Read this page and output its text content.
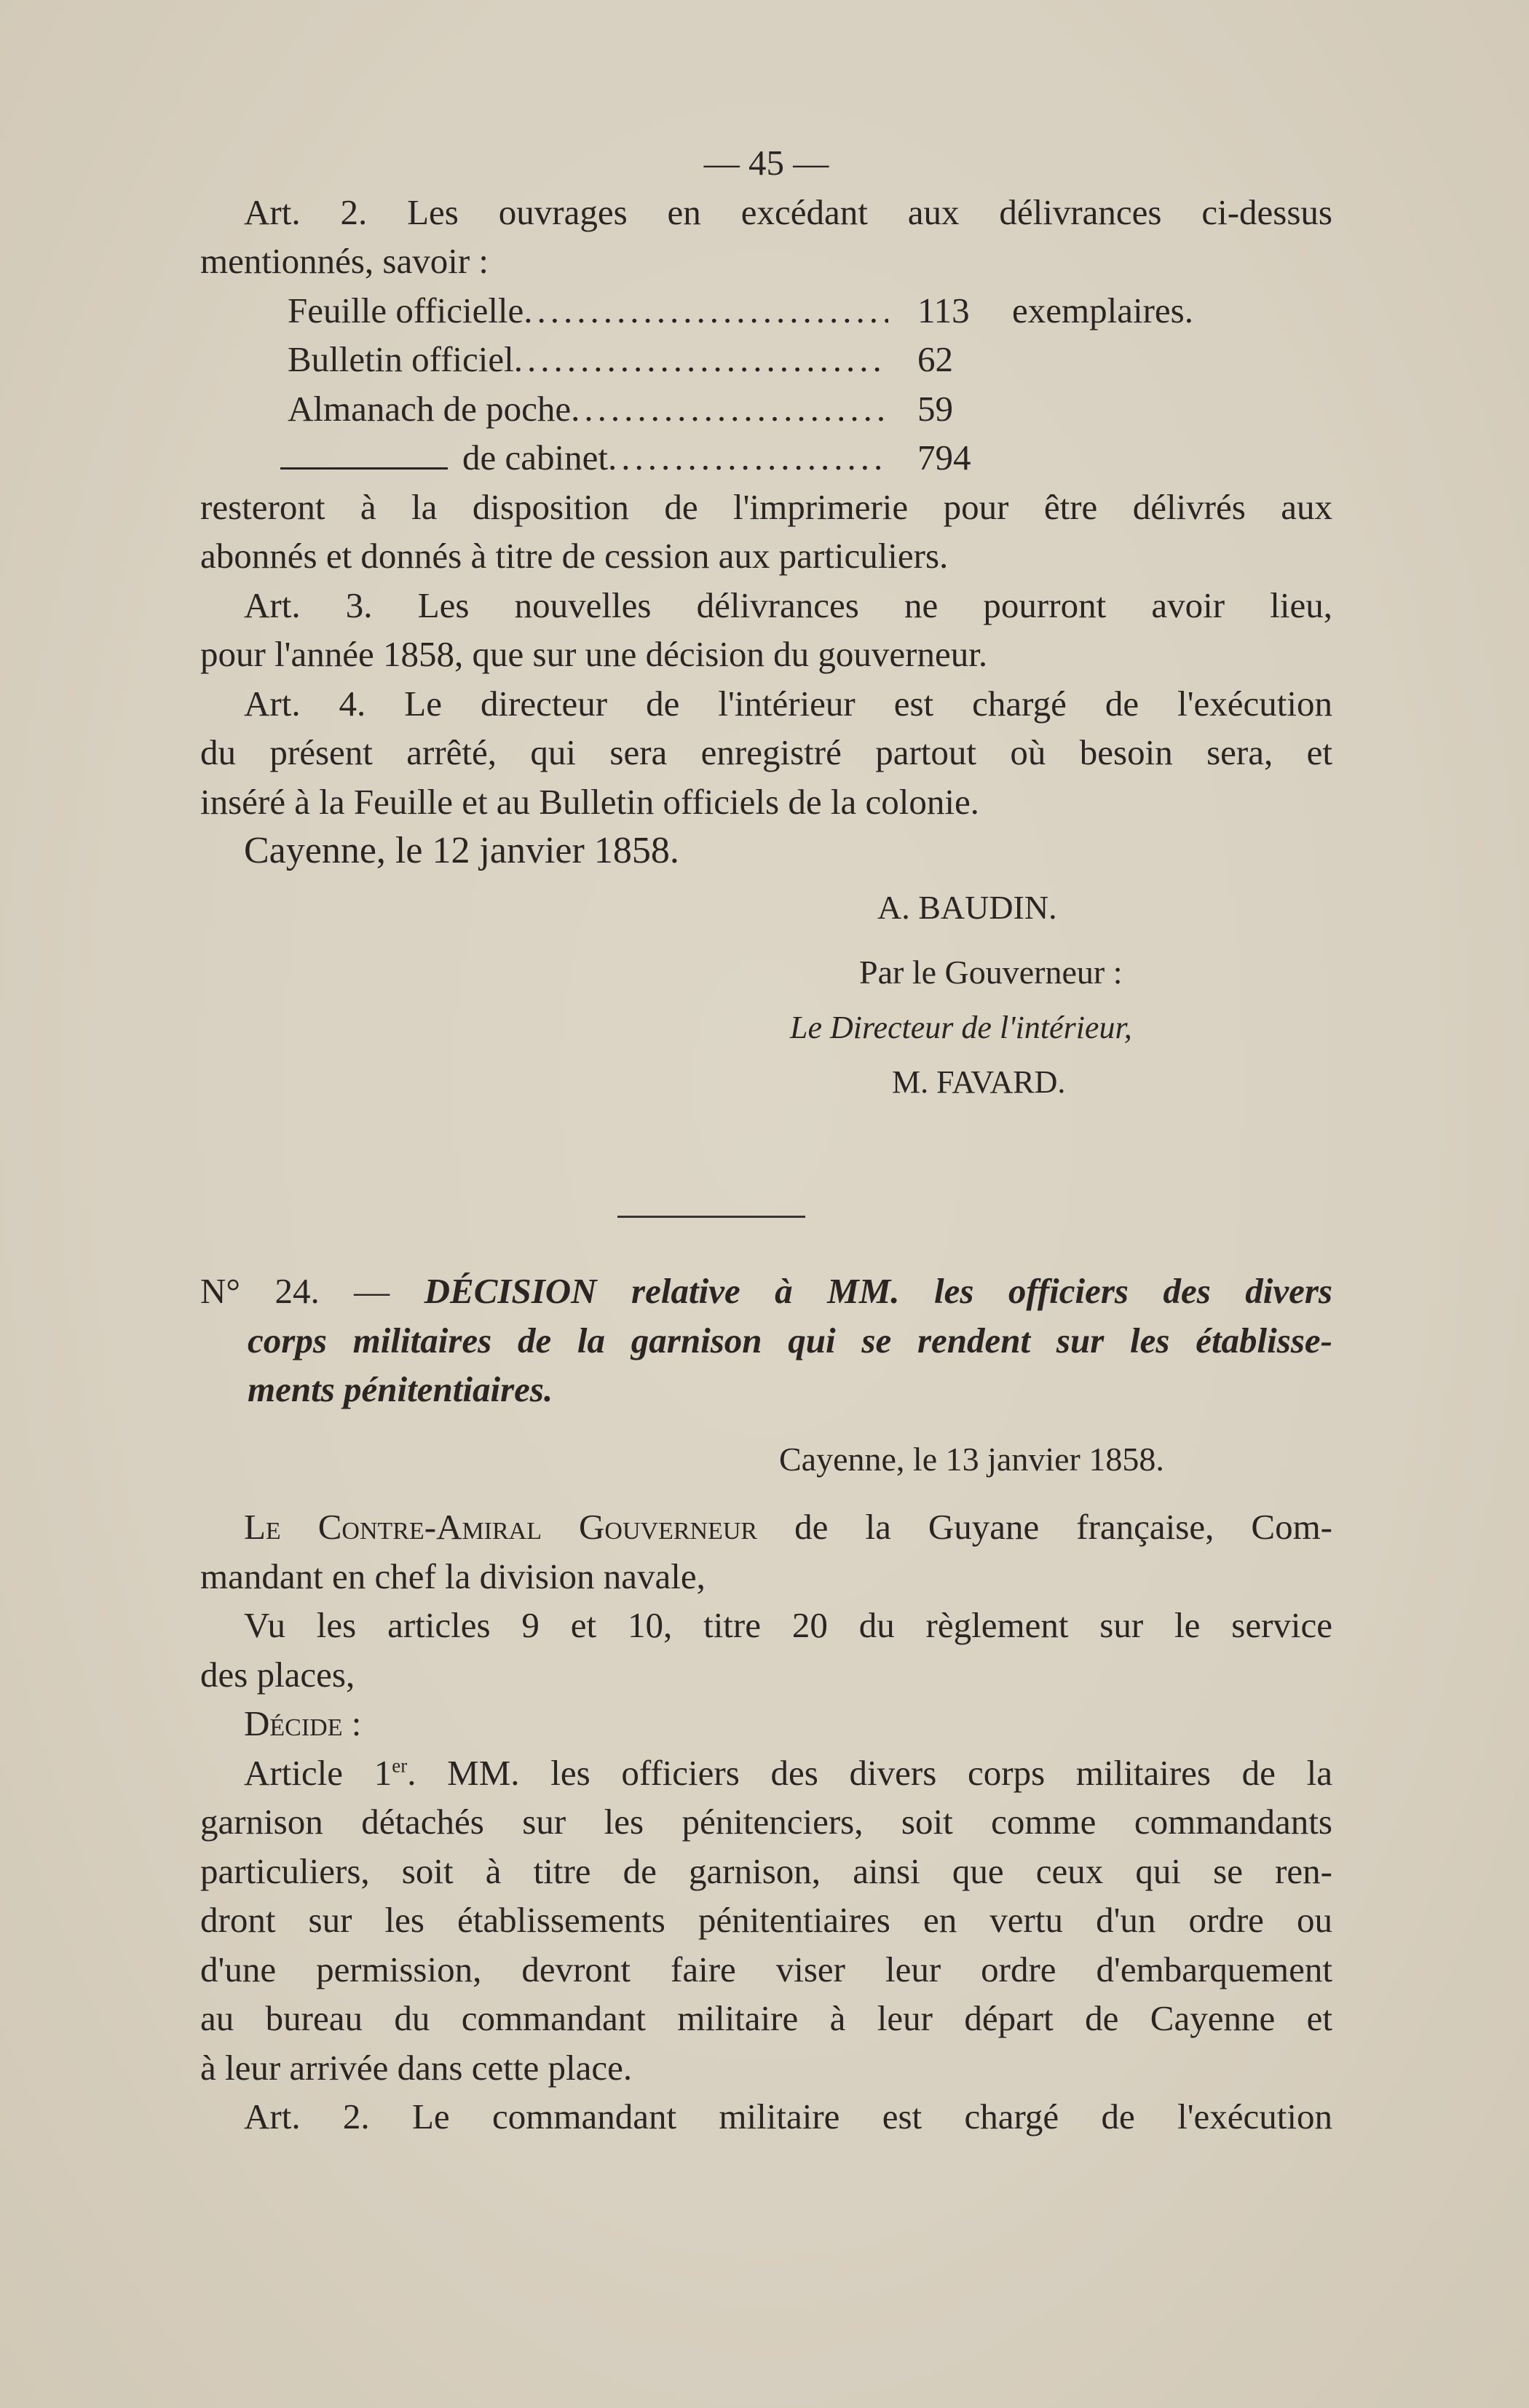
— 45 —
Art. 2. Les ouvrages en excédant aux délivrances ci-dessus
mentionnés, savoir :
Feuille officielle .....	113	exemplaires.
Bulletin officiel .....	62
Almanach de poche .....	59
de cabinet .....	794
resteront à la disposition de l'imprimerie pour être délivrés aux
abonnés et donnés à titre de cession aux particuliers.
Art. 3. Les nouvelles délivrances ne pourront avoir lieu,
pour l'année 1858, que sur une décision du gouverneur.
Art. 4. Le directeur de l'intérieur est chargé de l'exécution
du présent arrêté, qui sera enregistré partout où besoin sera, et
inséré à la Feuille et au Bulletin officiels de la colonie.
Cayenne, le 12 janvier 1858.
A. BAUDIN.
Par le Gouverneur :
Le Directeur de l'intérieur,
M. FAVARD.
N° 24. — DÉCISION relative à MM. les officiers des divers
corps militaires de la garnison qui se rendent sur les établisse-
ments pénitentiaires.
Cayenne, le 13 janvier 1858.
Le Contre-Amiral Gouverneur de la Guyane française, Com-
mandant en chef la division navale,
Vu les articles 9 et 10, titre 20 du règlement sur le service
des places,
Décide :
Article 1er. MM. les officiers des divers corps militaires de la
garnison détachés sur les pénitenciers, soit comme commandants
particuliers, soit à titre de garnison, ainsi que ceux qui se ren-
dront sur les établissements pénitentiaires en vertu d'un ordre ou
d'une permission, devront faire viser leur ordre d'embarquement
au bureau du commandant militaire à leur départ de Cayenne et
à leur arrivée dans cette place.
Art. 2. Le commandant militaire est chargé de l'exécution
